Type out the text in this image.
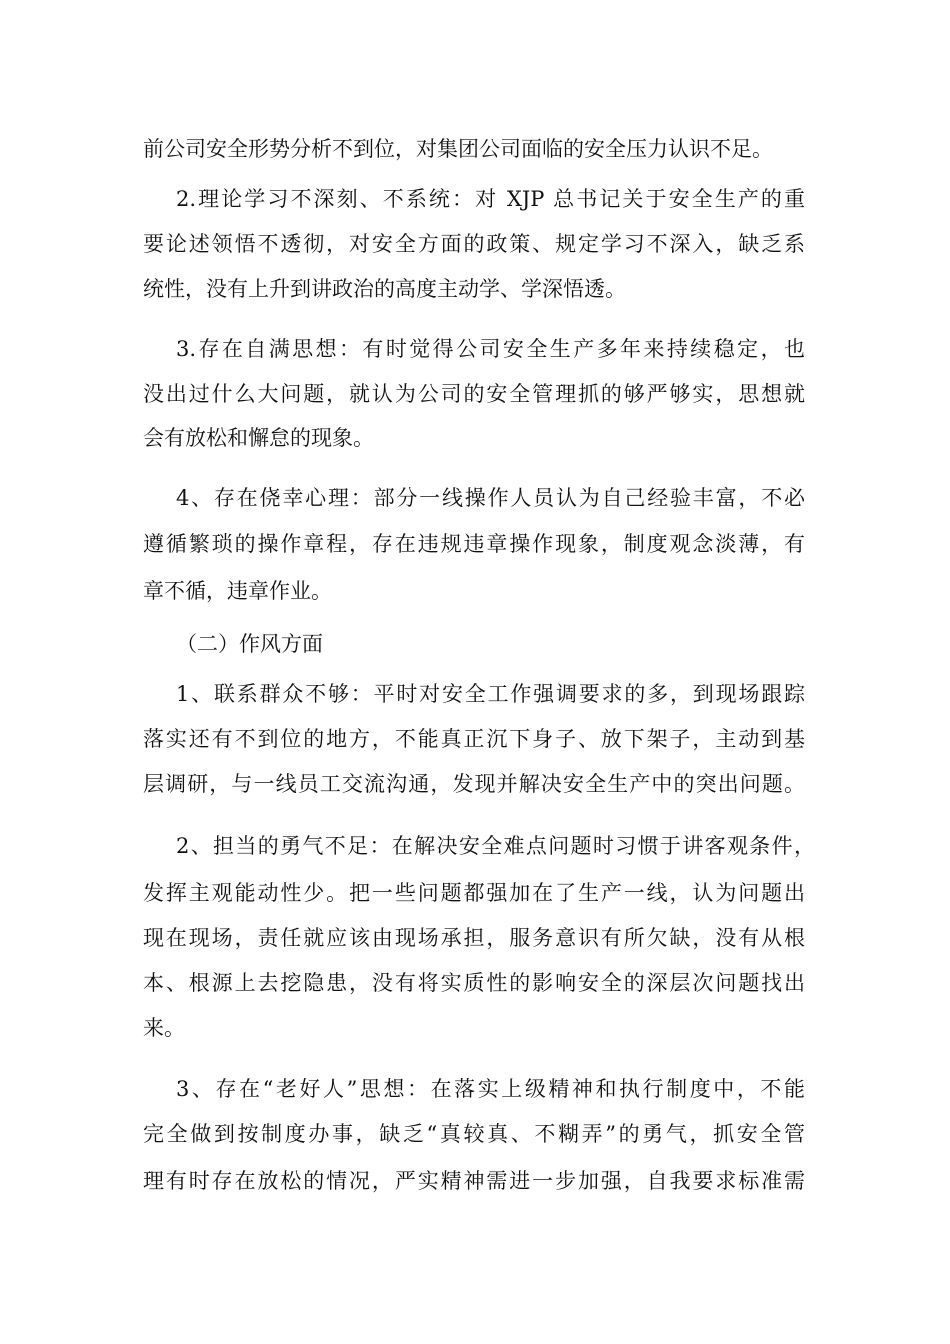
前公司安全形势分析不到位，对集团公司面临的安全压力认识不足。
2.理论学习不深刻、不系统：对 XJP 总书记关于安全生产的重
要论述领悟不透彻，对安全方面的政策、规定学习不深入，缺乏系
统性，没有上升到讲政治的高度主动学、学深悟透。
3.存在自满思想：有时觉得公司安全生产多年来持续稳定，也
没出过什么大问题，就认为公司的安全管理抓的够严够实，思想就
会有放松和懈怠的现象。
4、存在侥幸心理：部分一线操作人员认为自己经验丰富，不必
遵循繁琐的操作章程，存在违规违章操作现象，制度观念淡薄，有
章不循，违章作业。
（二）作风方面
1、联系群众不够：平时对安全工作强调要求的多，到现场跟踪
落实还有不到位的地方，不能真正沉下身子、放下架子，主动到基
层调研，与一线员工交流沟通，发现并解决安全生产中的突出问题。
2、担当的勇气不足：在解决安全难点问题时习惯于讲客观条件，
发挥主观能动性少。把一些问题都强加在了生产一线，认为问题出
现在现场，责任就应该由现场承担，服务意识有所欠缺，没有从根
本、根源上去挖隐患，没有将实质性的影响安全的深层次问题找出
来。
3、存在“老好人”思想：在落实上级精神和执行制度中，不能
完全做到按制度办事，缺乏“真较真、不糊弄”的勇气，抓安全管
理有时存在放松的情况，严实精神需进一步加强，自我要求标准需
